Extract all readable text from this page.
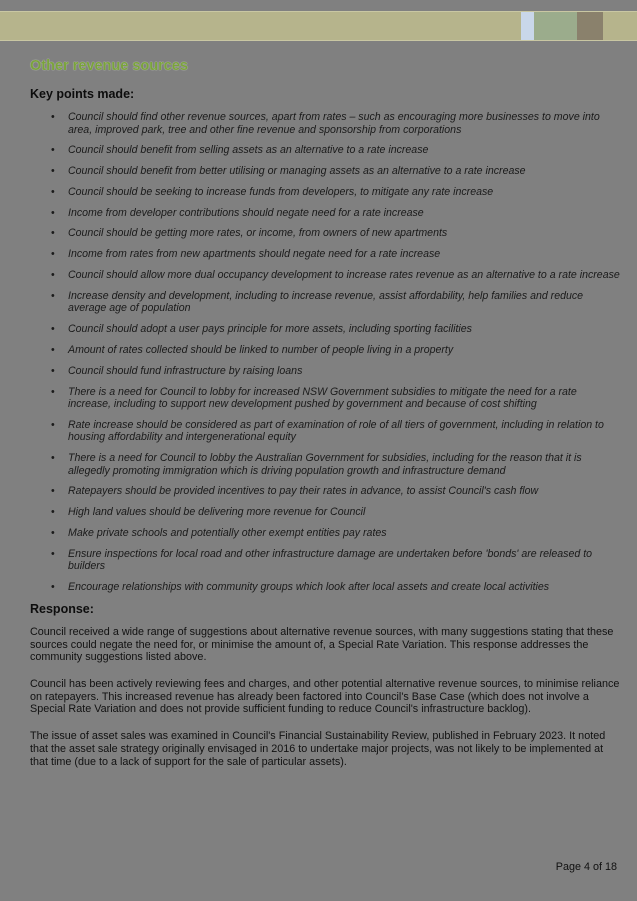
Other revenue sources
Key points made:
• Council should find other revenue sources, apart from rates – such as encouraging more businesses to move into area, improved park, tree and other fine revenue and sponsorship from corporations
• Council should benefit from selling assets as an alternative to a rate increase
• Council should benefit from better utilising or managing assets as an alternative to a rate increase
• Council should be seeking to increase funds from developers, to mitigate any rate increase
• Income from developer contributions should negate need for a rate increase
• Council should be getting more rates, or income, from owners of new apartments
• Income from rates from new apartments should negate need for a rate increase
• Council should allow more dual occupancy development to increase rates revenue as an alternative to a rate increase
• Increase density and development, including to increase revenue, assist affordability, help families and reduce average age of population
• Council should adopt a user pays principle for more assets, including sporting facilities
• Amount of rates collected should be linked to number of people living in a property
• Council should fund infrastructure by raising loans
• There is a need for Council to lobby for increased NSW Government subsidies to mitigate the need for a rate increase, including to support new development pushed by government and because of cost shifting
• Rate increase should be considered as part of examination of role of all tiers of government, including in relation to housing affordability and intergenerational equity
• There is a need for Council to lobby the Australian Government for subsidies, including for the reason that it is allegedly promoting immigration which is driving population growth and infrastructure demand
• Ratepayers should be provided incentives to pay their rates in advance, to assist Council's cash flow
• High land values should be delivering more revenue for Council
• Make private schools and potentially other exempt entities pay rates
• Ensure inspections for local road and other infrastructure damage are undertaken before 'bonds' are released to builders
• Encourage relationships with community groups which look after local assets and create local activities
Response:

Council received a wide range of suggestions about alternative revenue sources, with many suggestions stating that these sources could negate the need for, or minimise the amount of, a Special Rate Variation. This response addresses the community suggestions listed above.

Council has been actively reviewing fees and charges, and other potential alternative revenue sources, to minimise reliance on ratepayers. This increased revenue has already been factored into Council's Base Case (which does not involve a Special Rate Variation and does not provide sufficient funding to reduce Council's infrastructure backlog).

The issue of asset sales was examined in Council's Financial Sustainability Review, published in February 2023. It noted that the asset sale strategy originally envisaged in 2016 to undertake major projects, was not likely to be implemented at that time (due to a lack of support for the sale of particular assets).

Page 4 of 18
